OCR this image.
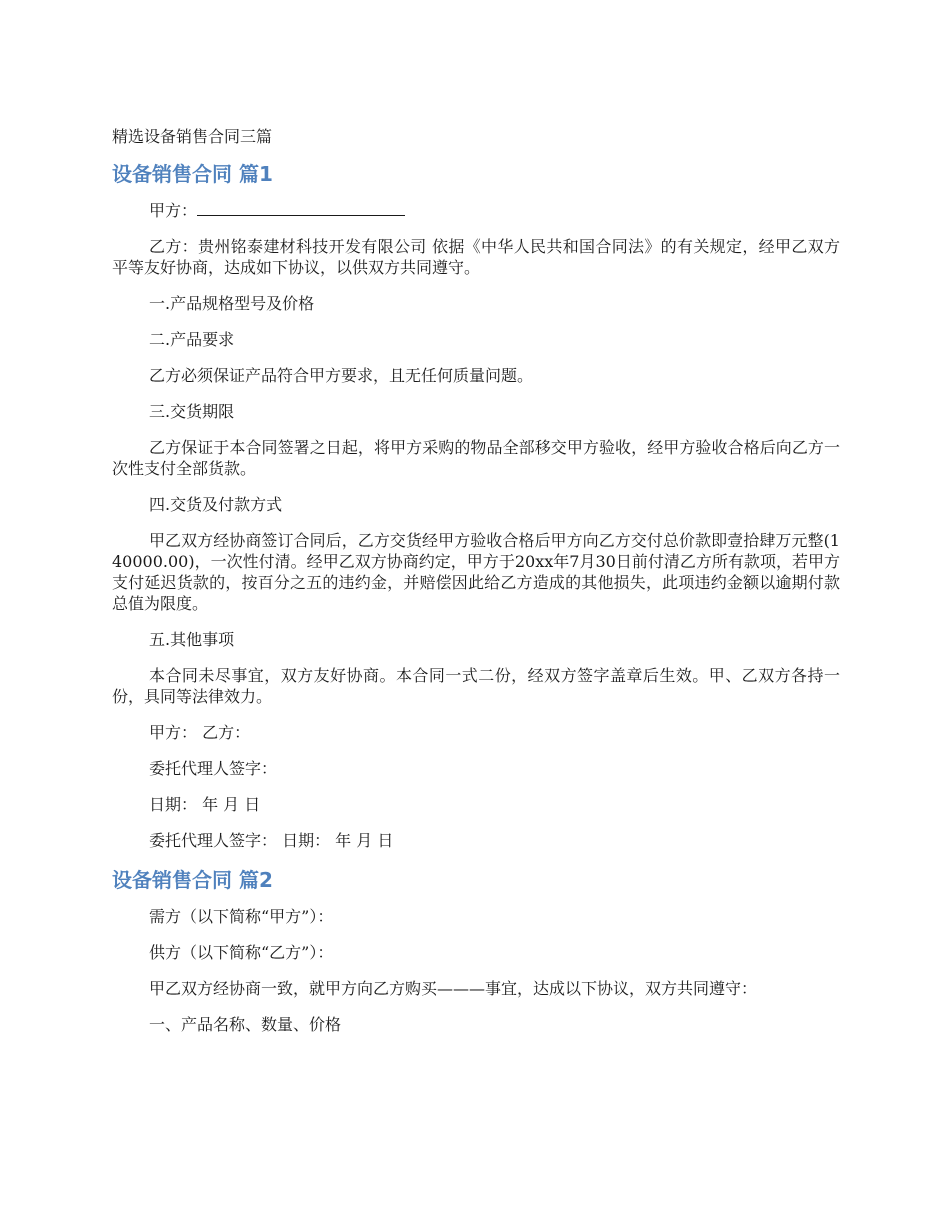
精选设备销售合同三篇
设备销售合同 篇1

甲方：

乙方：贵州铭泰建材科技开发有限公司 依据《中华人民共和国合同法》的有关规定，经甲乙双方平等友好协商，达成如下协议，以供双方共同遵守。

一.产品规格型号及价格

二.产品要求

乙方必须保证产品符合甲方要求，且无任何质量问题。

三.交货期限

乙方保证于本合同签署之日起，将甲方采购的物品全部移交甲方验收，经甲方验收合格后向乙方一次性支付全部货款。

四.交货及付款方式

甲乙双方经协商签订合同后，乙方交货经甲方验收合格后甲方向乙方交付总价款即壹拾肆万元整(140000.00)，一次性付清。经甲乙双方协商约定，甲方于20xx年7月30日前付清乙方所有款项，若甲方支付延迟货款的，按百分之五的违约金，并赔偿因此给乙方造成的其他损失，此项违约金额以逾期付款总值为限度。

五.其他事项

本合同未尽事宜，双方友好协商。本合同一式二份，经双方签字盖章后生效。甲、乙双方各持一份，具同等法律效力。

甲方： 乙方：

委托代理人签字：

日期： 年 月 日

委托代理人签字： 日期： 年 月 日

设备销售合同 篇2

需方（以下简称“甲方”）：

供方（以下简称“乙方”）：

甲乙双方经协商一致，就甲方向乙方购买———事宜，达成以下协议，双方共同遵守：

一、产品名称、数量、价格
